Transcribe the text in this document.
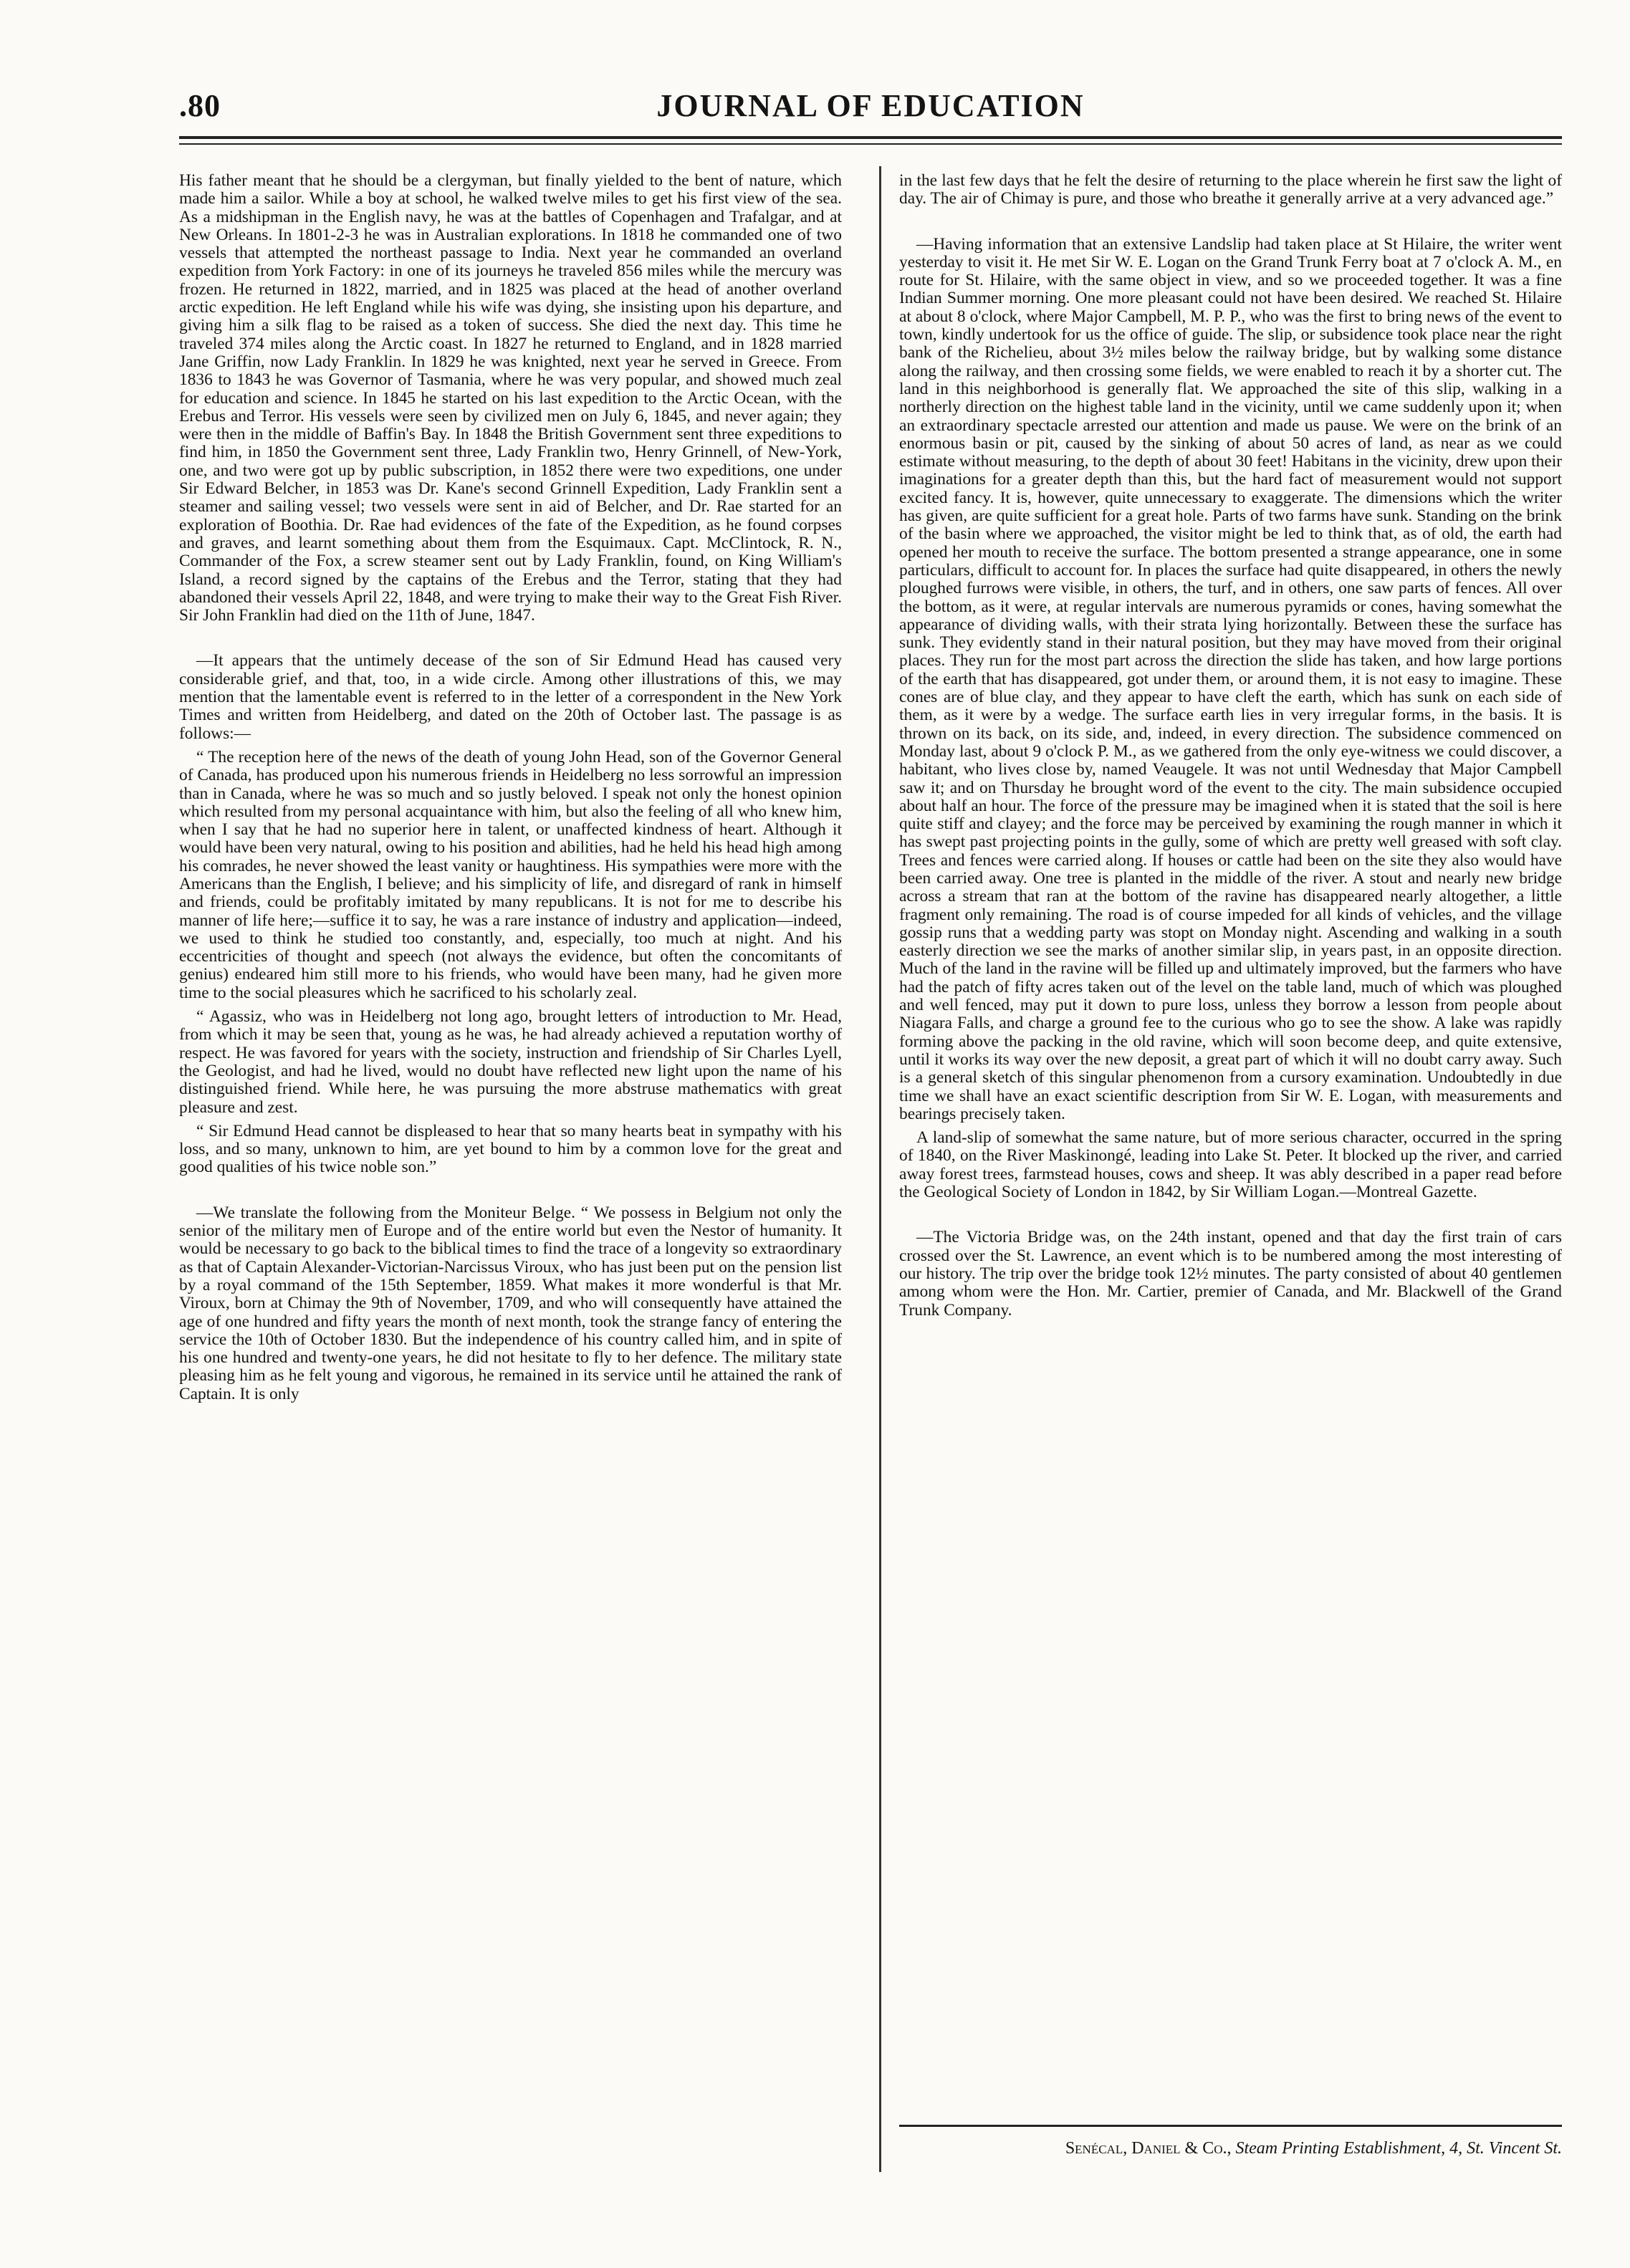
.80	JOURNAL OF EDUCATION

His father meant that he should be a clergyman, but finally yielded to the bent of nature, which made him a sailor. While a boy at school, he walked twelve miles to get his first view of the sea. As a midshipman in the English navy, he was at the battles of Copenhagen and Trafalgar, and at New Orleans. In 1801-2-3 he was in Australian explorations. In 1818 he commanded one of two vessels that attempted the northeast passage to India. Next year he commanded an overland expedition from York Factory: in one of its journeys he traveled 856 miles while the mercury was frozen. He returned in 1822, married, and in 1825 was placed at the head of another overland arctic expedition. He left England while his wife was dying, she insisting upon his departure, and giving him a silk flag to be raised as a token of success. She died the next day. This time he traveled 374 miles along the Arctic coast. In 1827 he returned to England, and in 1828 married Jane Griffin, now Lady Franklin. In 1829 he was knighted, next year he served in Greece. From 1836 to 1843 he was Governor of Tasmania, where he was very popular, and showed much zeal for education and science. In 1845 he started on his last expedition to the Arctic Ocean, with the Erebus and Terror. His vessels were seen by civilized men on July 6, 1845, and never again; they were then in the middle of Baffin's Bay. In 1848 the British Government sent three expeditions to find him, in 1850 the Government sent three, Lady Franklin two, Henry Grinnell, of New-York, one, and two were got up by public subscription, in 1852 there were two expeditions, one under Sir Edward Belcher, in 1853 was Dr. Kane's second Grinnell Expedition, Lady Franklin sent a steamer and sailing vessel; two vessels were sent in aid of Belcher, and Dr. Rae started for an exploration of Boothia. Dr. Rae had evidences of the fate of the Expedition, as he found corpses and graves, and learnt something about them from the Esquimaux. Capt. McClintock, R. N., Commander of the Fox, a screw steamer sent out by Lady Franklin, found, on King William's Island, a record signed by the captains of the Erebus and the Terror, stating that they had abandoned their vessels April 22, 1848, and were trying to make their way to the Great Fish River. Sir John Franklin had died on the 11th of June, 1847.

—It appears that the untimely decease of the son of Sir Edmund Head has caused very considerable grief, and that, too, in a wide circle. Among other illustrations of this, we may mention that the lamentable event is referred to in the letter of a correspondent in the New York Times and written from Heidelberg, and dated on the 20th of October last. The passage is as follows:—

“ The reception here of the news of the death of young John Head, son of the Governor General of Canada, has produced upon his numerous friends in Heidelberg no less sorrowful an impression than in Canada, where he was so much and so justly beloved. I speak not only the honest opinion which resulted from my personal acquaintance with him, but also the feeling of all who knew him, when I say that he had no superior here in talent, or unaffected kindness of heart. Although it would have been very natural, owing to his position and abilities, had he held his head high among his comrades, he never showed the least vanity or haughtiness. His sympathies were more with the Americans than the English, I believe; and his simplicity of life, and disregard of rank in himself and friends, could be profitably imitated by many republicans. It is not for me to describe his manner of life here;—suffice it to say, he was a rare instance of industry and application—indeed, we used to think he studied too constantly, and, especially, too much at night. And his eccentricities of thought and speech (not always the evidence, but often the concomitants of genius) endeared him still more to his friends, who would have been many, had he given more time to the social pleasures which he sacrificed to his scholarly zeal.

“ Agassiz, who was in Heidelberg not long ago, brought letters of introduction to Mr. Head, from which it may be seen that, young as he was, he had already achieved a reputation worthy of respect. He was favored for years with the society, instruction and friendship of Sir Charles Lyell, the Geologist, and had he lived, would no doubt have reflected new light upon the name of his distinguished friend. While here, he was pursuing the more abstruse mathematics with great pleasure and zest.

“ Sir Edmund Head cannot be displeased to hear that so many hearts beat in sympathy with his loss, and so many, unknown to him, are yet bound to him by a common love for the great and good qualities of his twice noble son.”

—We translate the following from the Moniteur Belge. “ We possess in Belgium not only the senior of the military men of Europe and of the entire world but even the Nestor of humanity. It would be necessary to go back to the biblical times to find the trace of a longevity so extraordinary as that of Captain Alexander-Victorian-Narcissus Viroux, who has just been put on the pension list by a royal command of the 15th September, 1859. What makes it more wonderful is that Mr. Viroux, born at Chimay the 9th of November, 1709, and who will consequently have attained the age of one hundred and fifty years the month of next month, took the strange fancy of entering the service the 10th of October 1830. But the independence of his country called him, and in spite of his one hundred and twenty-one years, he did not hesitate to fly to her defence. The military state pleasing him as he felt young and vigorous, he remained in its service until he attained the rank of Captain. It is only

in the last few days that he felt the desire of returning to the place wherein he first saw the light of day. The air of Chimay is pure, and those who breathe it generally arrive at a very advanced age.”

—Having information that an extensive Landslip had taken place at St Hilaire, the writer went yesterday to visit it. He met Sir W. E. Logan on the Grand Trunk Ferry boat at 7 o'clock A. M., en route for St. Hilaire, with the same object in view, and so we proceeded together. It was a fine Indian Summer morning. One more pleasant could not have been desired. We reached St. Hilaire at about 8 o'clock, where Major Campbell, M. P. P., who was the first to bring news of the event to town, kindly undertook for us the office of guide. The slip, or subsidence took place near the right bank of the Richelieu, about 3½ miles below the railway bridge, but by walking some distance along the railway, and then crossing some fields, we were enabled to reach it by a shorter cut. The land in this neighborhood is generally flat. We approached the site of this slip, walking in a northerly direction on the highest table land in the vicinity, until we came suddenly upon it; when an extraordinary spectacle arrested our attention and made us pause. We were on the brink of an enormous basin or pit, caused by the sinking of about 50 acres of land, as near as we could estimate without measuring, to the depth of about 30 feet! Habitans in the vicinity, drew upon their imaginations for a greater depth than this, but the hard fact of measurement would not support excited fancy. It is, however, quite unnecessary to exaggerate. The dimensions which the writer has given, are quite sufficient for a great hole. Parts of two farms have sunk. Standing on the brink of the basin where we approached, the visitor might be led to think that, as of old, the earth had opened her mouth to receive the surface. The bottom presented a strange appearance, one in some particulars, difficult to account for. In places the surface had quite disappeared, in others the newly ploughed furrows were visible, in others, the turf, and in others, one saw parts of fences. All over the bottom, as it were, at regular intervals are numerous pyramids or cones, having somewhat the appearance of dividing walls, with their strata lying horizontally. Between these the surface has sunk. They evidently stand in their natural position, but they may have moved from their original places. They run for the most part across the direction the slide has taken, and how large portions of the earth that has disappeared, got under them, or around them, it is not easy to imagine. These cones are of blue clay, and they appear to have cleft the earth, which has sunk on each side of them, as it were by a wedge. The surface earth lies in very irregular forms, in the basis. It is thrown on its back, on its side, and, indeed, in every direction. The subsidence commenced on Monday last, about 9 o'clock P. M., as we gathered from the only eye-witness we could discover, a habitant, who lives close by, named Veaugele. It was not until Wednesday that Major Campbell saw it; and on Thursday he brought word of the event to the city. The main subsidence occupied about half an hour. The force of the pressure may be imagined when it is stated that the soil is here quite stiff and clayey; and the force may be perceived by examining the rough manner in which it has swept past projecting points in the gully, some of which are pretty well greased with soft clay. Trees and fences were carried along. If houses or cattle had been on the site they also would have been carried away. One tree is planted in the middle of the river. A stout and nearly new bridge across a stream that ran at the bottom of the ravine has disappeared nearly altogether, a little fragment only remaining. The road is of course impeded for all kinds of vehicles, and the village gossip runs that a wedding party was stopt on Monday night. Ascending and walking in a south easterly direction we see the marks of another similar slip, in years past, in an opposite direction. Much of the land in the ravine will be filled up and ultimately improved, but the farmers who have had the patch of fifty acres taken out of the level on the table land, much of which was ploughed and well fenced, may put it down to pure loss, unless they borrow a lesson from people about Niagara Falls, and charge a ground fee to the curious who go to see the show. A lake was rapidly forming above the packing in the old ravine, which will soon become deep, and quite extensive, until it works its way over the new deposit, a great part of which it will no doubt carry away. Such is a general sketch of this singular phenomenon from a cursory examination. Undoubtedly in due time we shall have an exact scientific description from Sir W. E. Logan, with measurements and bearings precisely taken.

A land-slip of somewhat the same nature, but of more serious character, occurred in the spring of 1840, on the River Maskinongé, leading into Lake St. Peter. It blocked up the river, and carried away forest trees, farmstead houses, cows and sheep. It was ably described in a paper read before the Geological Society of London in 1842, by Sir William Logan.—Montreal Gazette.

—The Victoria Bridge was, on the 24th instant, opened and that day the first train of cars crossed over the St. Lawrence, an event which is to be numbered among the most interesting of our history. The trip over the bridge took 12½ minutes. The party consisted of about 40 gentlemen among whom were the Hon. Mr. Cartier, premier of Canada, and Mr. Blackwell of the Grand Trunk Company.

Senécal, Daniel & Co., Steam Printing Establishment, 4, St. Vincent St.
